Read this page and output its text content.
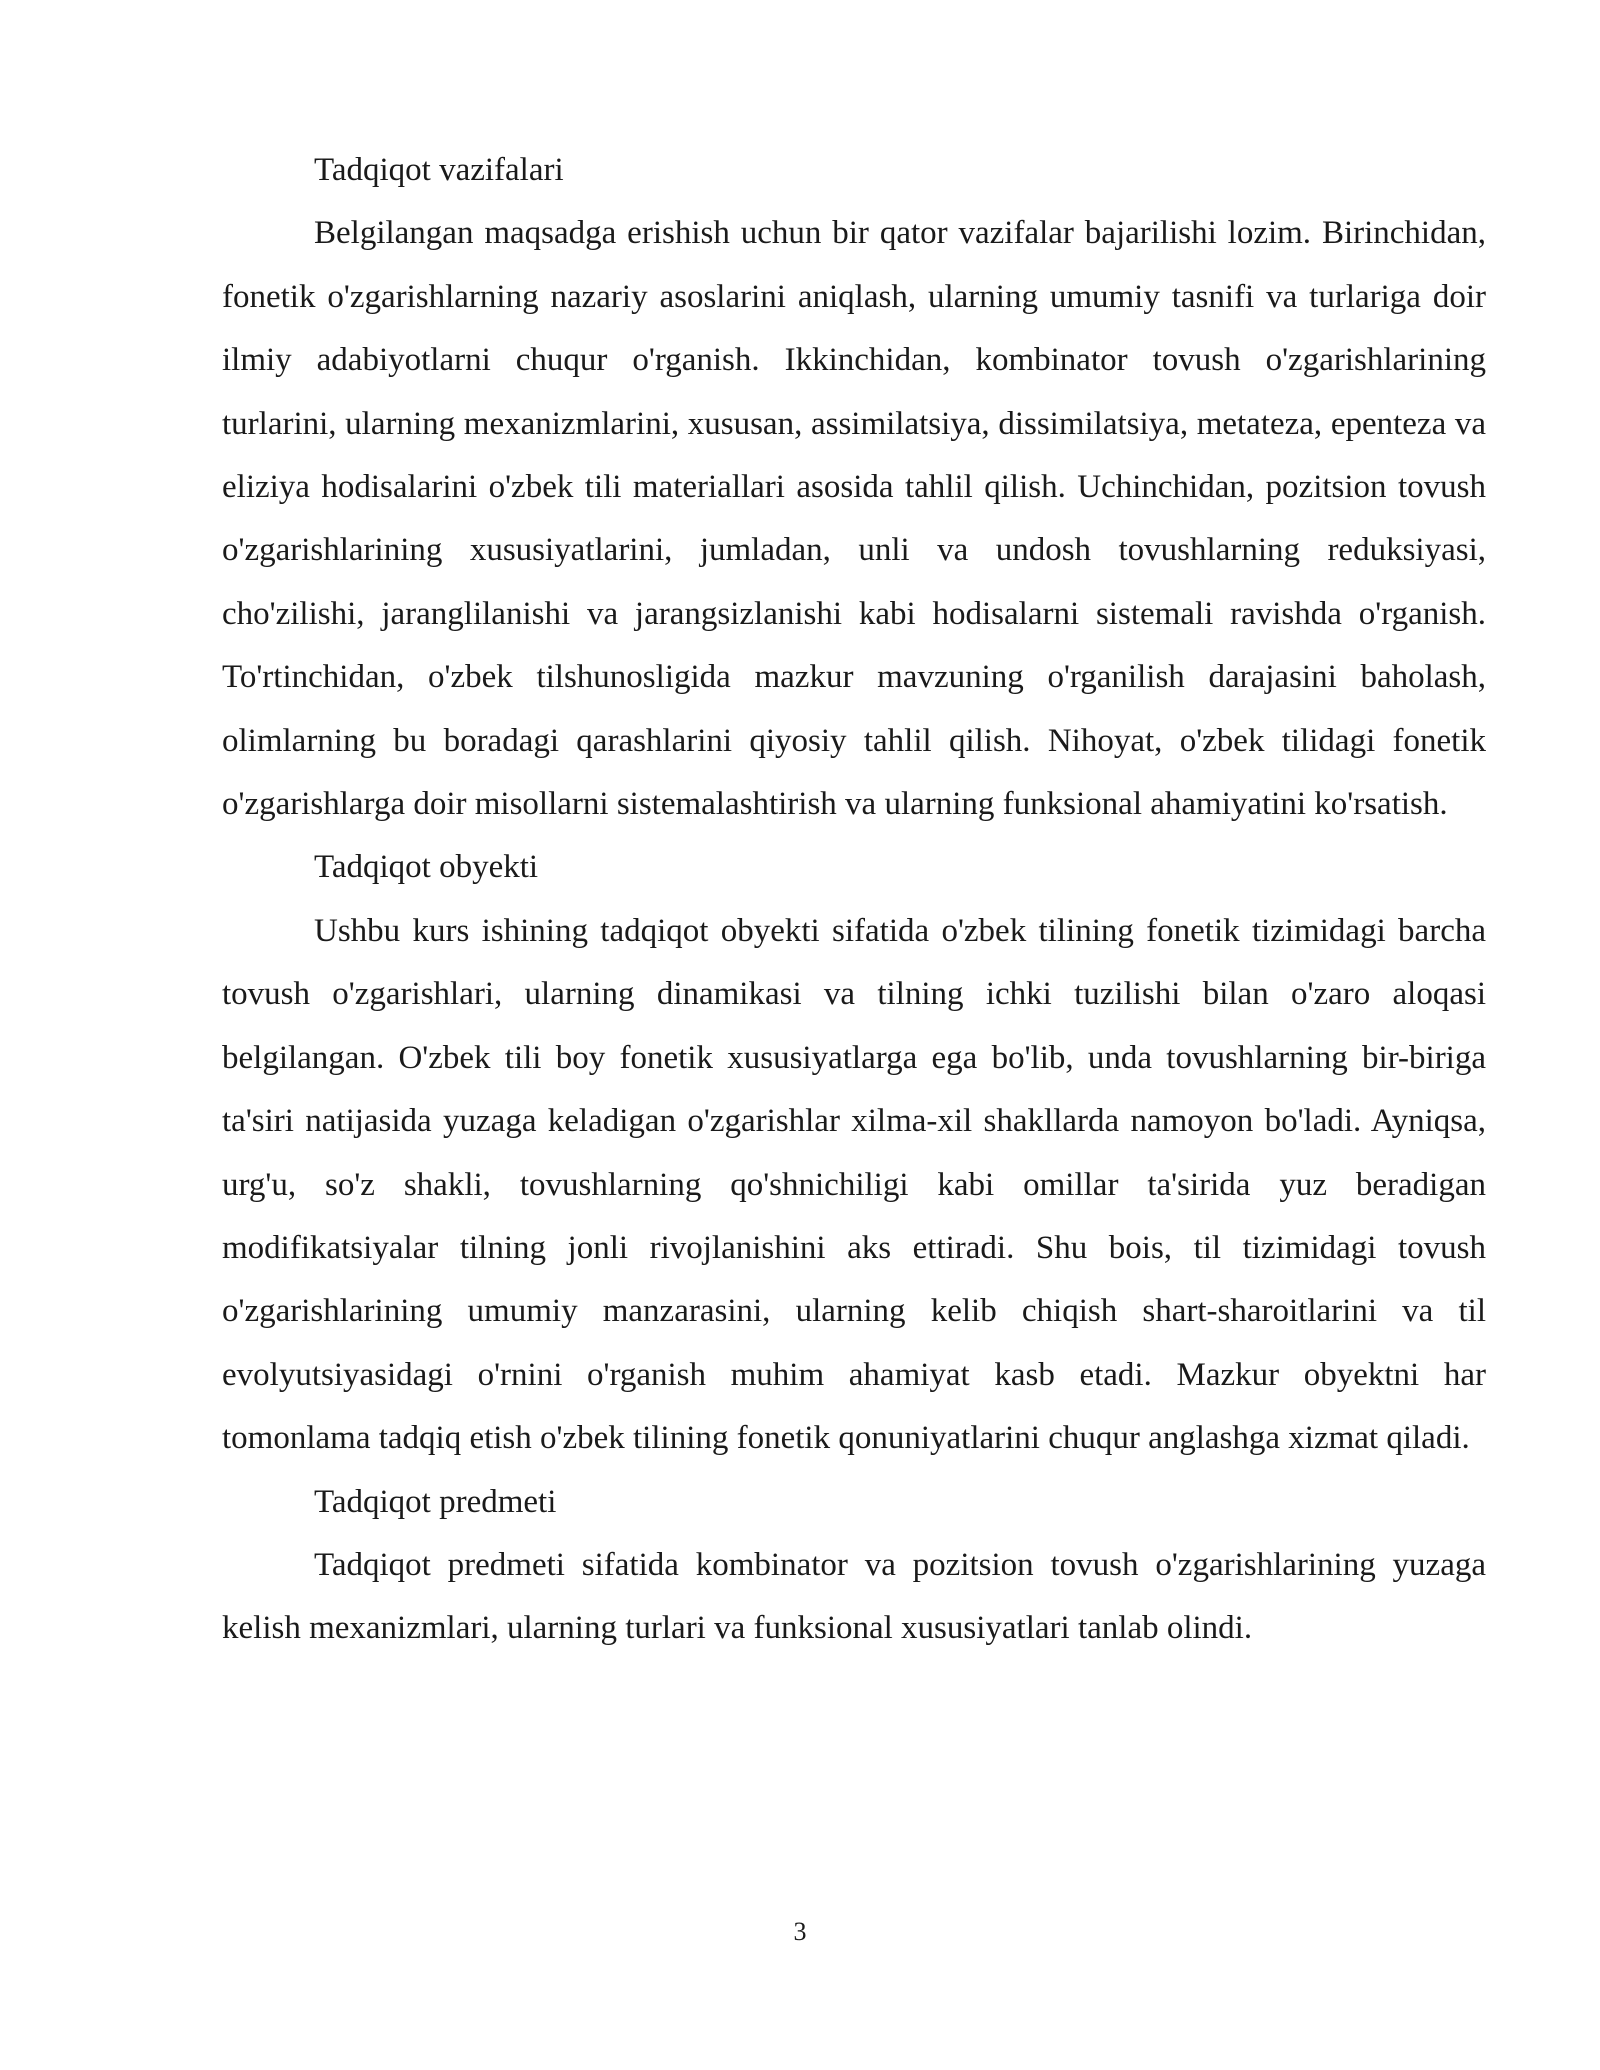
Tadqiqot vazifalari

Belgilangan maqsadga erishish uchun bir qator vazifalar bajarilishi lozim. Birinchidan, fonetik o'zgarishlarning nazariy asoslarini aniqlash, ularning umumiy tasnifi va turlariga doir ilmiy adabiyotlarni chuqur o'rganish. Ikkinchidan, kombinator tovush o'zgarishlarining turlarini, ularning mexanizmlarini, xususan, assimilatsiya, dissimilatsiya, metateza, epenteza va eliziya hodisalarini o'zbek tili materiallari asosida tahlil qilish. Uchinchidan, pozitsion tovush o'zgarishlarining xususiyatlarini, jumladan, unli va undosh tovushlarning reduksiyasi, cho'zilishi, jaranglilanishi va jarangsizlanishi kabi hodisalarni sistemali ravishda o'rganish. To'rtinchidan, o'zbek tilshunosligida mazkur mavzuning o'rganilish darajasini baholash, olimlarning bu boradagi qarashlarini qiyosiy tahlil qilish. Nihoyat, o'zbek tilidagi fonetik o'zgarishlarga doir misollarni sistemalashtirish va ularning funksional ahamiyatini ko'rsatish.

Tadqiqot obyekti

Ushbu kurs ishining tadqiqot obyekti sifatida o'zbek tilining fonetik tizimidagi barcha tovush o'zgarishlari, ularning dinamikasi va tilning ichki tuzilishi bilan o'zaro aloqasi belgilangan. O'zbek tili boy fonetik xususiyatlarga ega bo'lib, unda tovushlarning bir-biriga ta'siri natijasida yuzaga keladigan o'zgarishlar xilma-xil shakllarda namoyon bo'ladi. Ayniqsa, urg'u, so'z shakli, tovushlarning qo'shnichiligi kabi omillar ta'sirida yuz beradigan modifikatsiyalar tilning jonli rivojlanishini aks ettiradi. Shu bois, til tizimidagi tovush o'zgarishlarining umumiy manzarasini, ularning kelib chiqish shart-sharoitlarini va til evolyutsiyasidagi o'rnini o'rganish muhim ahamiyat kasb etadi. Mazkur obyektni har tomonlama tadqiq etish o'zbek tilining fonetik qonuniyatlarini chuqur anglashga xizmat qiladi.

Tadqiqot predmeti

Tadqiqot predmeti sifatida kombinator va pozitsion tovush o'zgarishlarining yuzaga kelish mexanizmlari, ularning turlari va funksional xususiyatlari tanlab olindi.

3
